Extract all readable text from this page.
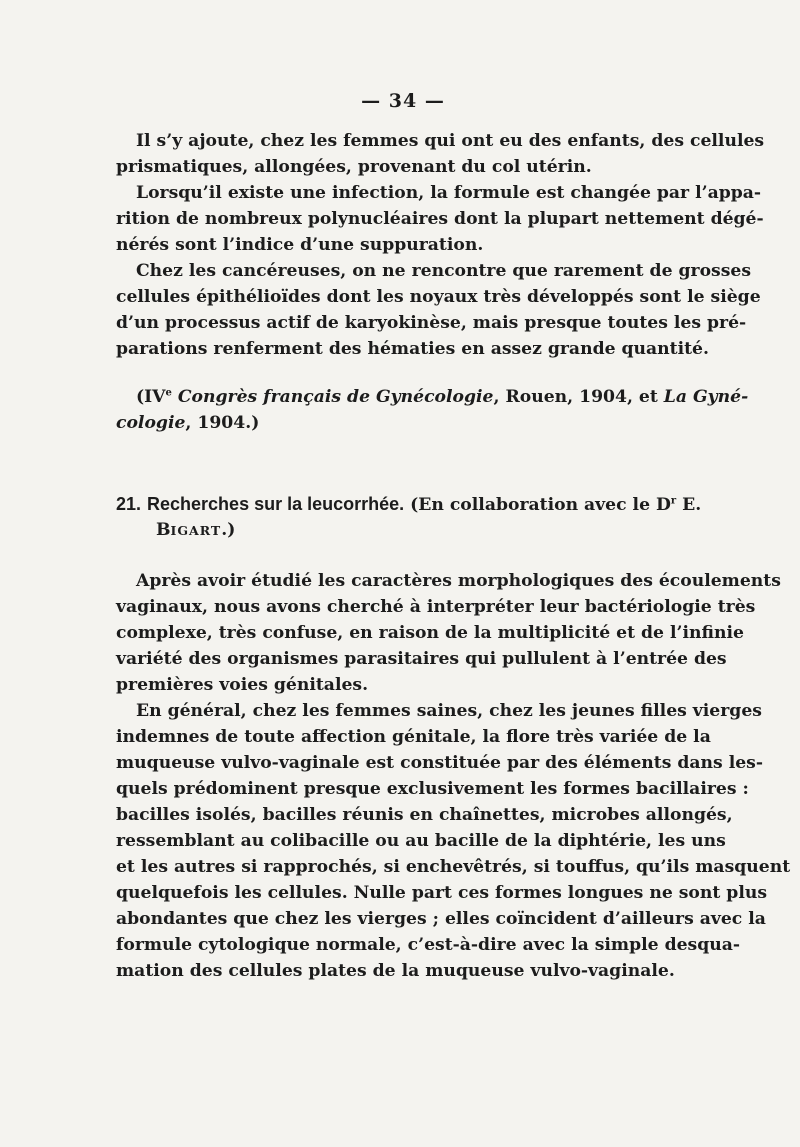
— 34 —
Il s’y ajoute, chez les femmes qui ont eu des enfants, des cellules
prismatiques, allongées, provenant du col utérin.
Lorsqu’il existe une infection, la formule est changée par l’appa-
rition de nombreux polynucléaires dont la plupart nettement dégé-
nérés sont l’indice d’une suppuration.
Chez les cancéreuses, on ne rencontre que rarement de grosses
cellules épithélioïdes dont les noyaux très développés sont le siège
d’un processus actif de karyokinèse, mais presque toutes les pré-
parations renferment des hématies en assez grande quantité.
(IVe Congrès français de Gynécologie, Rouen, 1904, et La Gyné-
cologie, 1904.)
21. Recherches sur la leucorrhée. (En collaboration avec le $D^r$ E.
BIGART.)
Après avoir étudié les caractères morphologiques des écoulements
vaginaux, nous avons cherché à interpréter leur bactériologie très
complexe, très confuse, en raison de la multiplicité et de l’infinie
variété des organismes parasitaires qui pullulent à l’entrée des
premières voies génitales.
En général, chez les femmes saines, chez les jeunes filles vierges
indemnes de toute affection génitale, la flore très variée de la
muqueuse vulvo-vaginale est constituée par des éléments dans les-
quels prédominent presque exclusivement les formes bacillaires :
bacilles isolés, bacilles réunis en chaînettes, microbes allongés,
ressemblant au colibacille ou au bacille de la diphtérie, les uns
et les autres si rapprochés, si enchevêtrés, si touffus, qu’ils masquent
quelquefois les cellules. Nulle part ces formes longues ne sont plus
abondantes que chez les vierges ; elles coïncident d’ailleurs avec la
formule cytologique normale, c’est-à-dire avec la simple desqua-
mation des cellules plates de la muqueuse vulvo-vaginale.
